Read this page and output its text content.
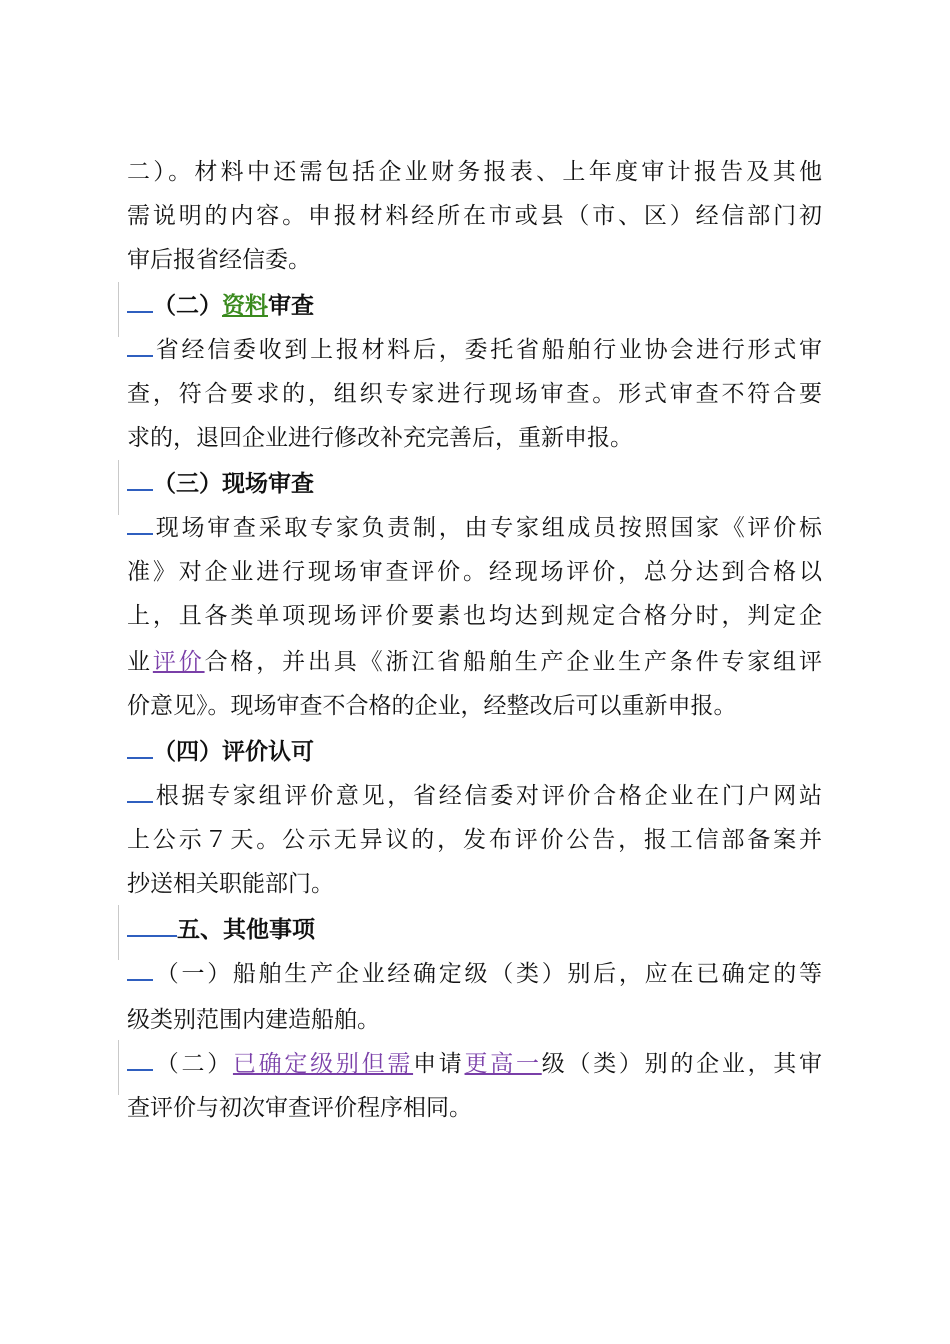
二）。材料中还需包括企业财务报表、上年度审计报告及其他
需说明的内容。申报材料经所在市或县（市、区）经信部门初
审后报省经信委。
（二）资料审查
省经信委收到上报材料后，委托省船舶行业协会进行形式审
查，符合要求的，组织专家进行现场审查。形式审查不符合要
求的，退回企业进行修改补充完善后，重新申报。
（三）现场审查
现场审查采取专家负责制，由专家组成员按照国家《评价标
准》对企业进行现场审查评价。经现场评价，总分达到合格以
上，且各类单项现场评价要素也均达到规定合格分时，判定企
业评价合格，并出具《浙江省船舶生产企业生产条件专家组评
价意见》。现场审查不合格的企业，经整改后可以重新申报。
（四）评价认可
根据专家组评价意见，省经信委对评价合格企业在门户网站
上公示７天。公示无异议的，发布评价公告，报工信部备案并
抄送相关职能部门。
五、其他事项
（一）船舶生产企业经确定级（类）别后，应在已确定的等
级类别范围内建造船舶。
（二）已确定级别但需申请更高一级（类）别的企业，其审
查评价与初次审查评价程序相同。
